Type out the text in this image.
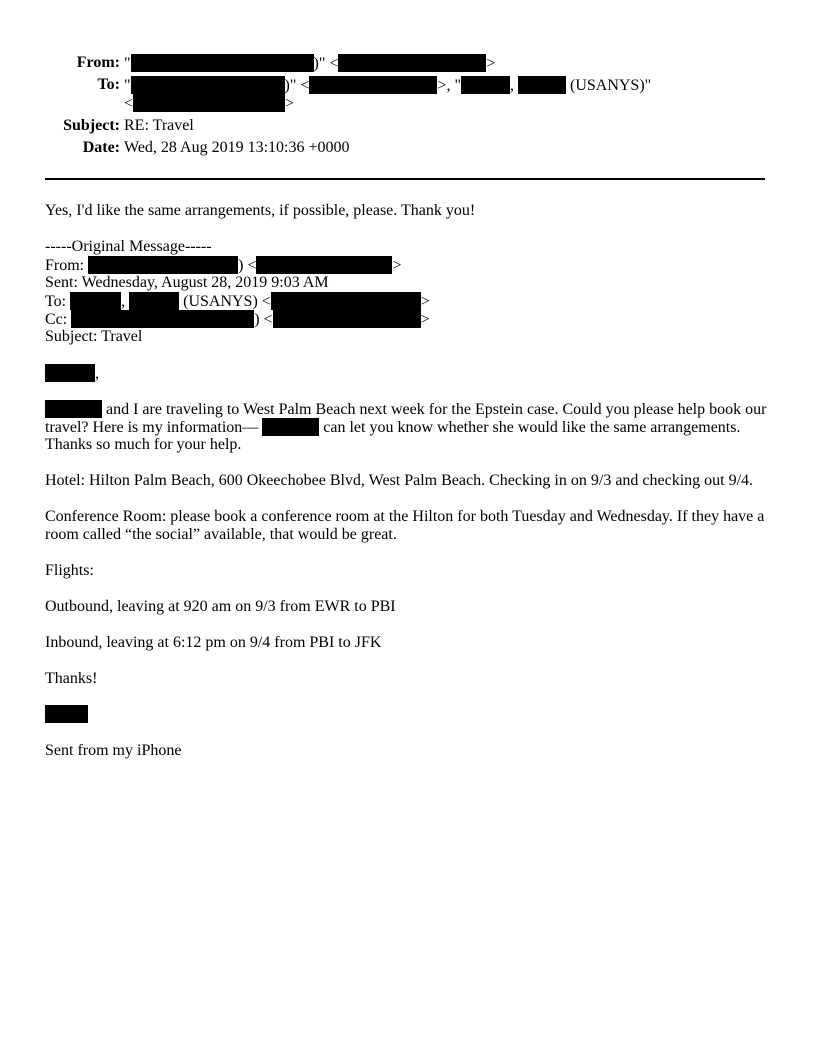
From: "	)" <	>
To: "	)" <	>, "	,	(USANYS)"
<	>
Subject: RE: Travel
Date: Wed, 28 Aug 2019 13:10:36 +0000
Yes, I'd like the same arrangements, if possible, please. Thank you!
-----Original Message-----
From:	) <	>
Sent: Wednesday, August 28, 2019 9:03 AM
To:	,	(USANYS) <	>
Cc:	) <	>
Subject: Travel
,
and I are traveling to West Palm Beach next week for the Epstein case. Could you please help book our
travel? Here is my information—	can let you know whether she would like the same arrangements.
Thanks so much for your help.
Hotel: Hilton Palm Beach, 600 Okeechobee Blvd, West Palm Beach. Checking in on 9/3 and checking out 9/4.
Conference Room: please book a conference room at the Hilton for both Tuesday and Wednesday. If they have a
room called “the social” available, that would be great.
Flights:
Outbound, leaving at 920 am on 9/3 from EWR to PBI
Inbound, leaving at 6:12 pm on 9/4 from PBI to JFK
Thanks!
Sent from my iPhone
